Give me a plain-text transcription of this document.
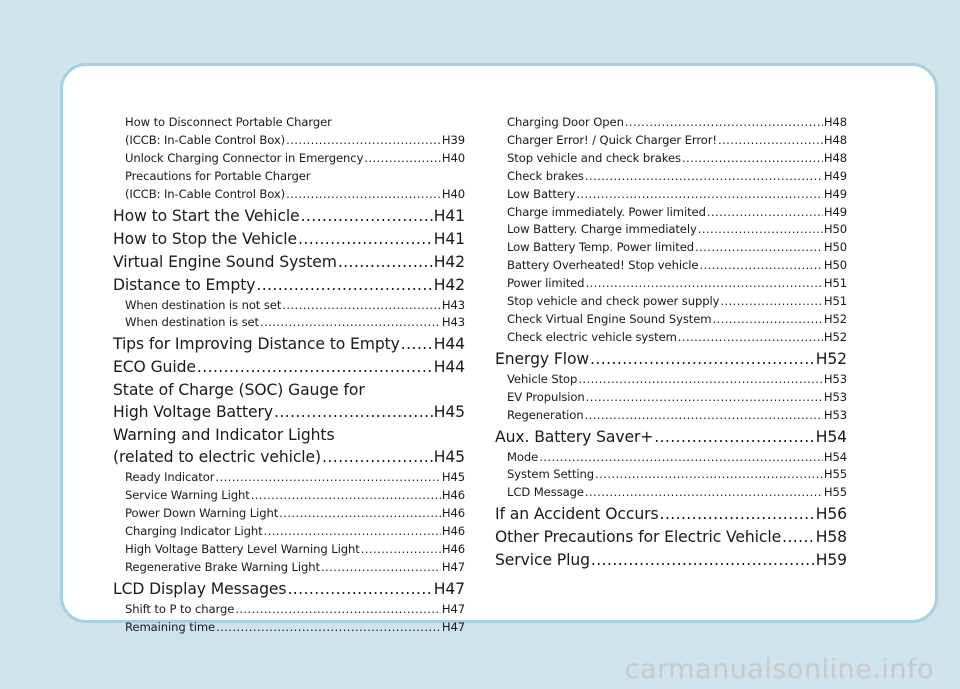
How to Disconnect Portable Charger
(ICCB: In-Cable Control Box) .....	H39
Unlock Charging Connector in Emergency .....	H40
Precautions for Portable Charger
(ICCB: In-Cable Control Box) .....	H40
How to Start the Vehicle .....	H41
How to Stop the Vehicle .....	H41
Virtual Engine Sound System .....	H42
Distance to Empty .....	H42
When destination is not set .....	H43
When destination is set .....	H43
Tips for Improving Distance to Empty ..... H44
ECO Guide .....	H44
State of Charge (SOC) Gauge for
High Voltage Battery .....	H45
Warning and Indicator Lights
(related to electric vehicle) .....	H45
Ready Indicator .....	H45
Service Warning Light .....	H46
Power Down Warning Light .....	H46
Charging Indicator Light .....	H46
High Voltage Battery Level Warning Light .....	H46
Regenerative Brake Warning Light .....	H47
LCD Display Messages .....	H47
Shift to P to charge .....	H47
Remaining time .....	H47
Charging Door Open .....	H48
Charger Error! / Quick Charger Error! .....	H48
Stop vehicle and check brakes .....	H48
Check brakes .....	H49
Low Battery .....	H49
Charge immediately. Power limited .....	H49
Low Battery. Charge immediately .....	H50
Low Battery Temp. Power limited .....	H50
Battery Overheated! Stop vehicle .....	H50
Power limited .....	H51
Stop vehicle and check power supply .....	H51
Check Virtual Engine Sound System .....	H52
Check electric vehicle system .....	H52
Energy Flow .....	H52
Vehicle Stop .....	H53
EV Propulsion .....	H53
Regeneration .....	H53
Aux. Battery Saver+ .....	H54
Mode .....	H54
System Setting .....	H55
LCD Message .....	H55
If an Accident Occurs .....	H56
Other Precautions for Electric Vehicle ..... H58
Service Plug .....	H59
carmanualsonline.info
